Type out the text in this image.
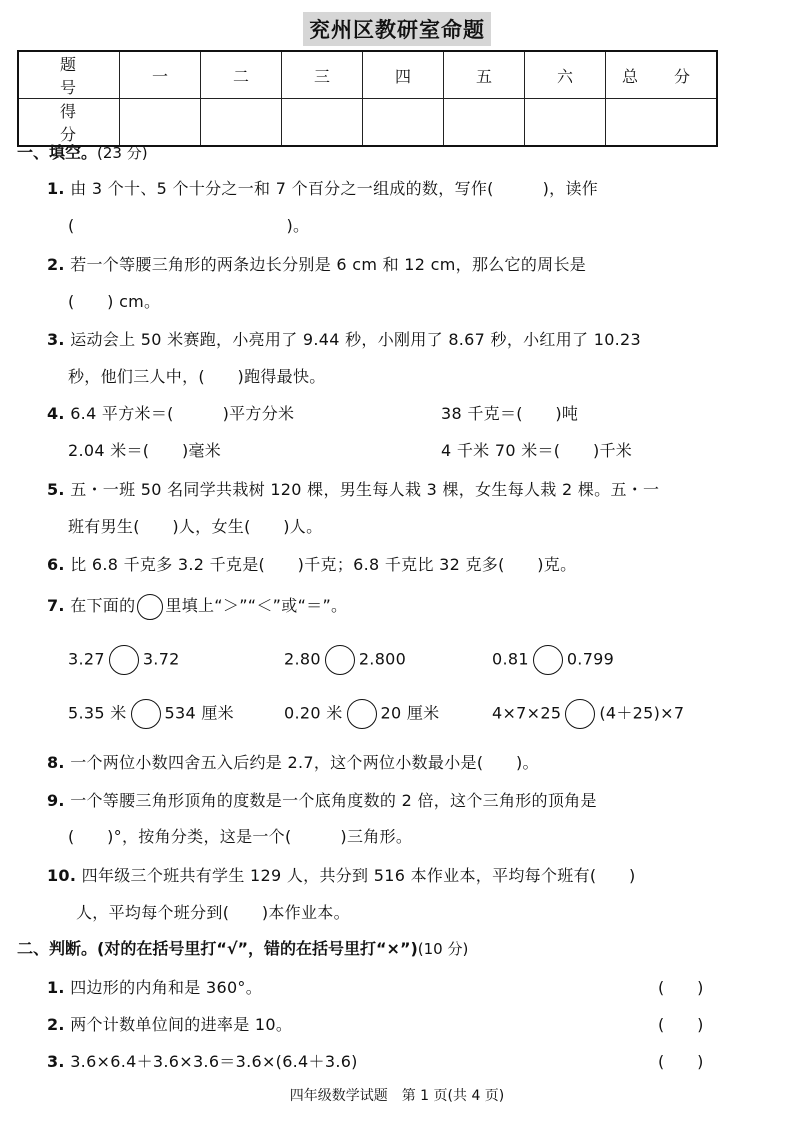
兖州区教研室命题
题　号	一	二	三	四	五	六	总　分
得　分							
一、填空。(23 分)
1. 由 3 个十、5 个十分之一和 7 个百分之一组成的数，写作(　　　)，读作
(　　　　　　　　　　　　　)。
2. 若一个等腰三角形的两条边长分别是 6 cm 和 12 cm，那么它的周长是
(　　) cm。
3. 运动会上 50 米赛跑，小亮用了 9.44 秒，小刚用了 8.67 秒，小红用了 10.23
秒，他们三人中，(　　)跑得最快。
4. 6.4 平方米＝(　　　)平方分米	38 千克＝(　　)吨
2.04 米＝(　　)毫米	4 千米 70 米＝(　　)千米
5. 五・一班 50 名同学共栽树 120 棵，男生每人栽 3 棵，女生每人栽 2 棵。五・一
班有男生(　　)人，女生(　　)人。
6. 比 6.8 千克多 3.2 千克是(　　)千克；6.8 千克比 32 克多(　　)克。
7. 在下面的 里填上“＞”“＜”或“＝”。
3.27 3.72	2.80 2.800	0.81 0.799
5.35 米 534 厘米	0.20 米 20 厘米	4×7×25 (4＋25)×7
8. 一个两位小数四舍五入后约是 2.7，这个两位小数最小是(　　)。
9. 一个等腰三角形顶角的度数是一个底角度数的 2 倍，这个三角形的顶角是
(　　)°，按角分类，这是一个(　　　)三角形。
10. 四年级三个班共有学生 129 人，共分到 516 本作业本，平均每个班有(　　)
人，平均每个班分到(　　)本作业本。
二、判断。(对的在括号里打“√”，错的在括号里打“×”)(10 分)
1. 四边形的内角和是 360°。	(　　)
2. 两个计数单位间的进率是 10。	(　　)
3. 3.6×6.4＋3.6×3.6＝3.6×(6.4＋3.6)	(　　)
四年级数学试题　第 1 页(共 4 页)
